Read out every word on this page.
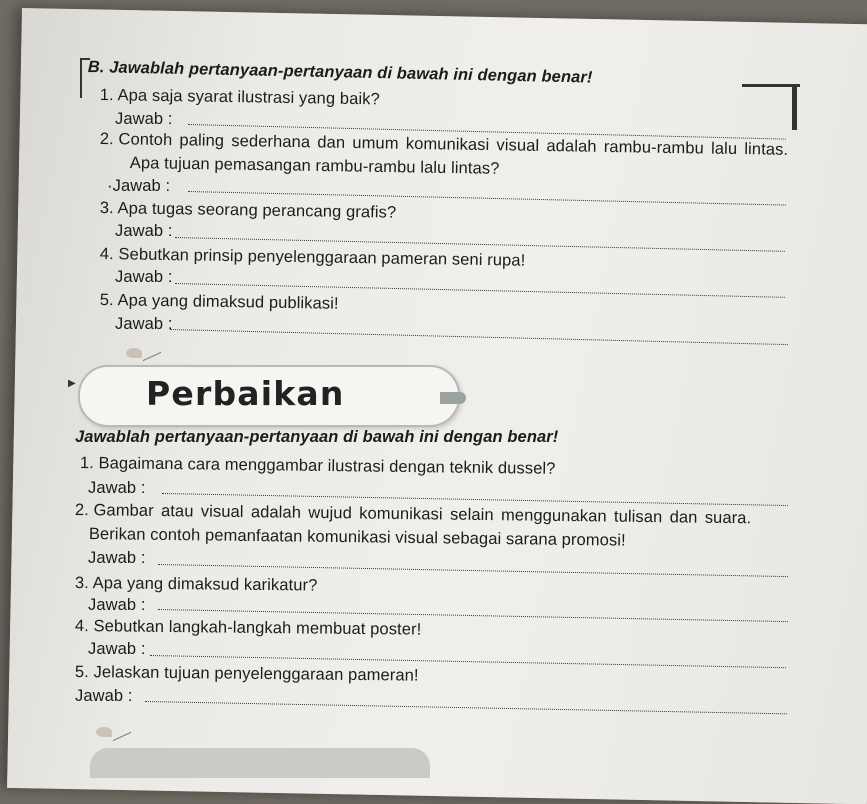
B. Jawablah pertanyaan-pertanyaan di bawah ini dengan benar!
1. Apa saja syarat ilustrasi yang baik?
Jawab :
2. Contoh paling sederhana dan umum komunikasi visual adalah rambu-rambu lalu lintas.
Apa tujuan pemasangan rambu-rambu lalu lintas?
·Jawab :
3. Apa tugas seorang perancang grafis?
Jawab :
4. Sebutkan prinsip penyelenggaraan pameran seni rupa!
Jawab :
5. Apa yang dimaksud publikasi!
Jawab :
▶ Perbaikan
Jawablah pertanyaan-pertanyaan di bawah ini dengan benar!
1. Bagaimana cara menggambar ilustrasi dengan teknik dussel?
Jawab :
2. Gambar atau visual adalah wujud komunikasi selain menggunakan tulisan dan suara.
Berikan contoh pemanfaatan komunikasi visual sebagai sarana promosi!
Jawab :
3. Apa yang dimaksud karikatur?
Jawab :
4. Sebutkan langkah-langkah membuat poster!
Jawab :
5. Jelaskan tujuan penyelenggaraan pameran!
Jawab :
